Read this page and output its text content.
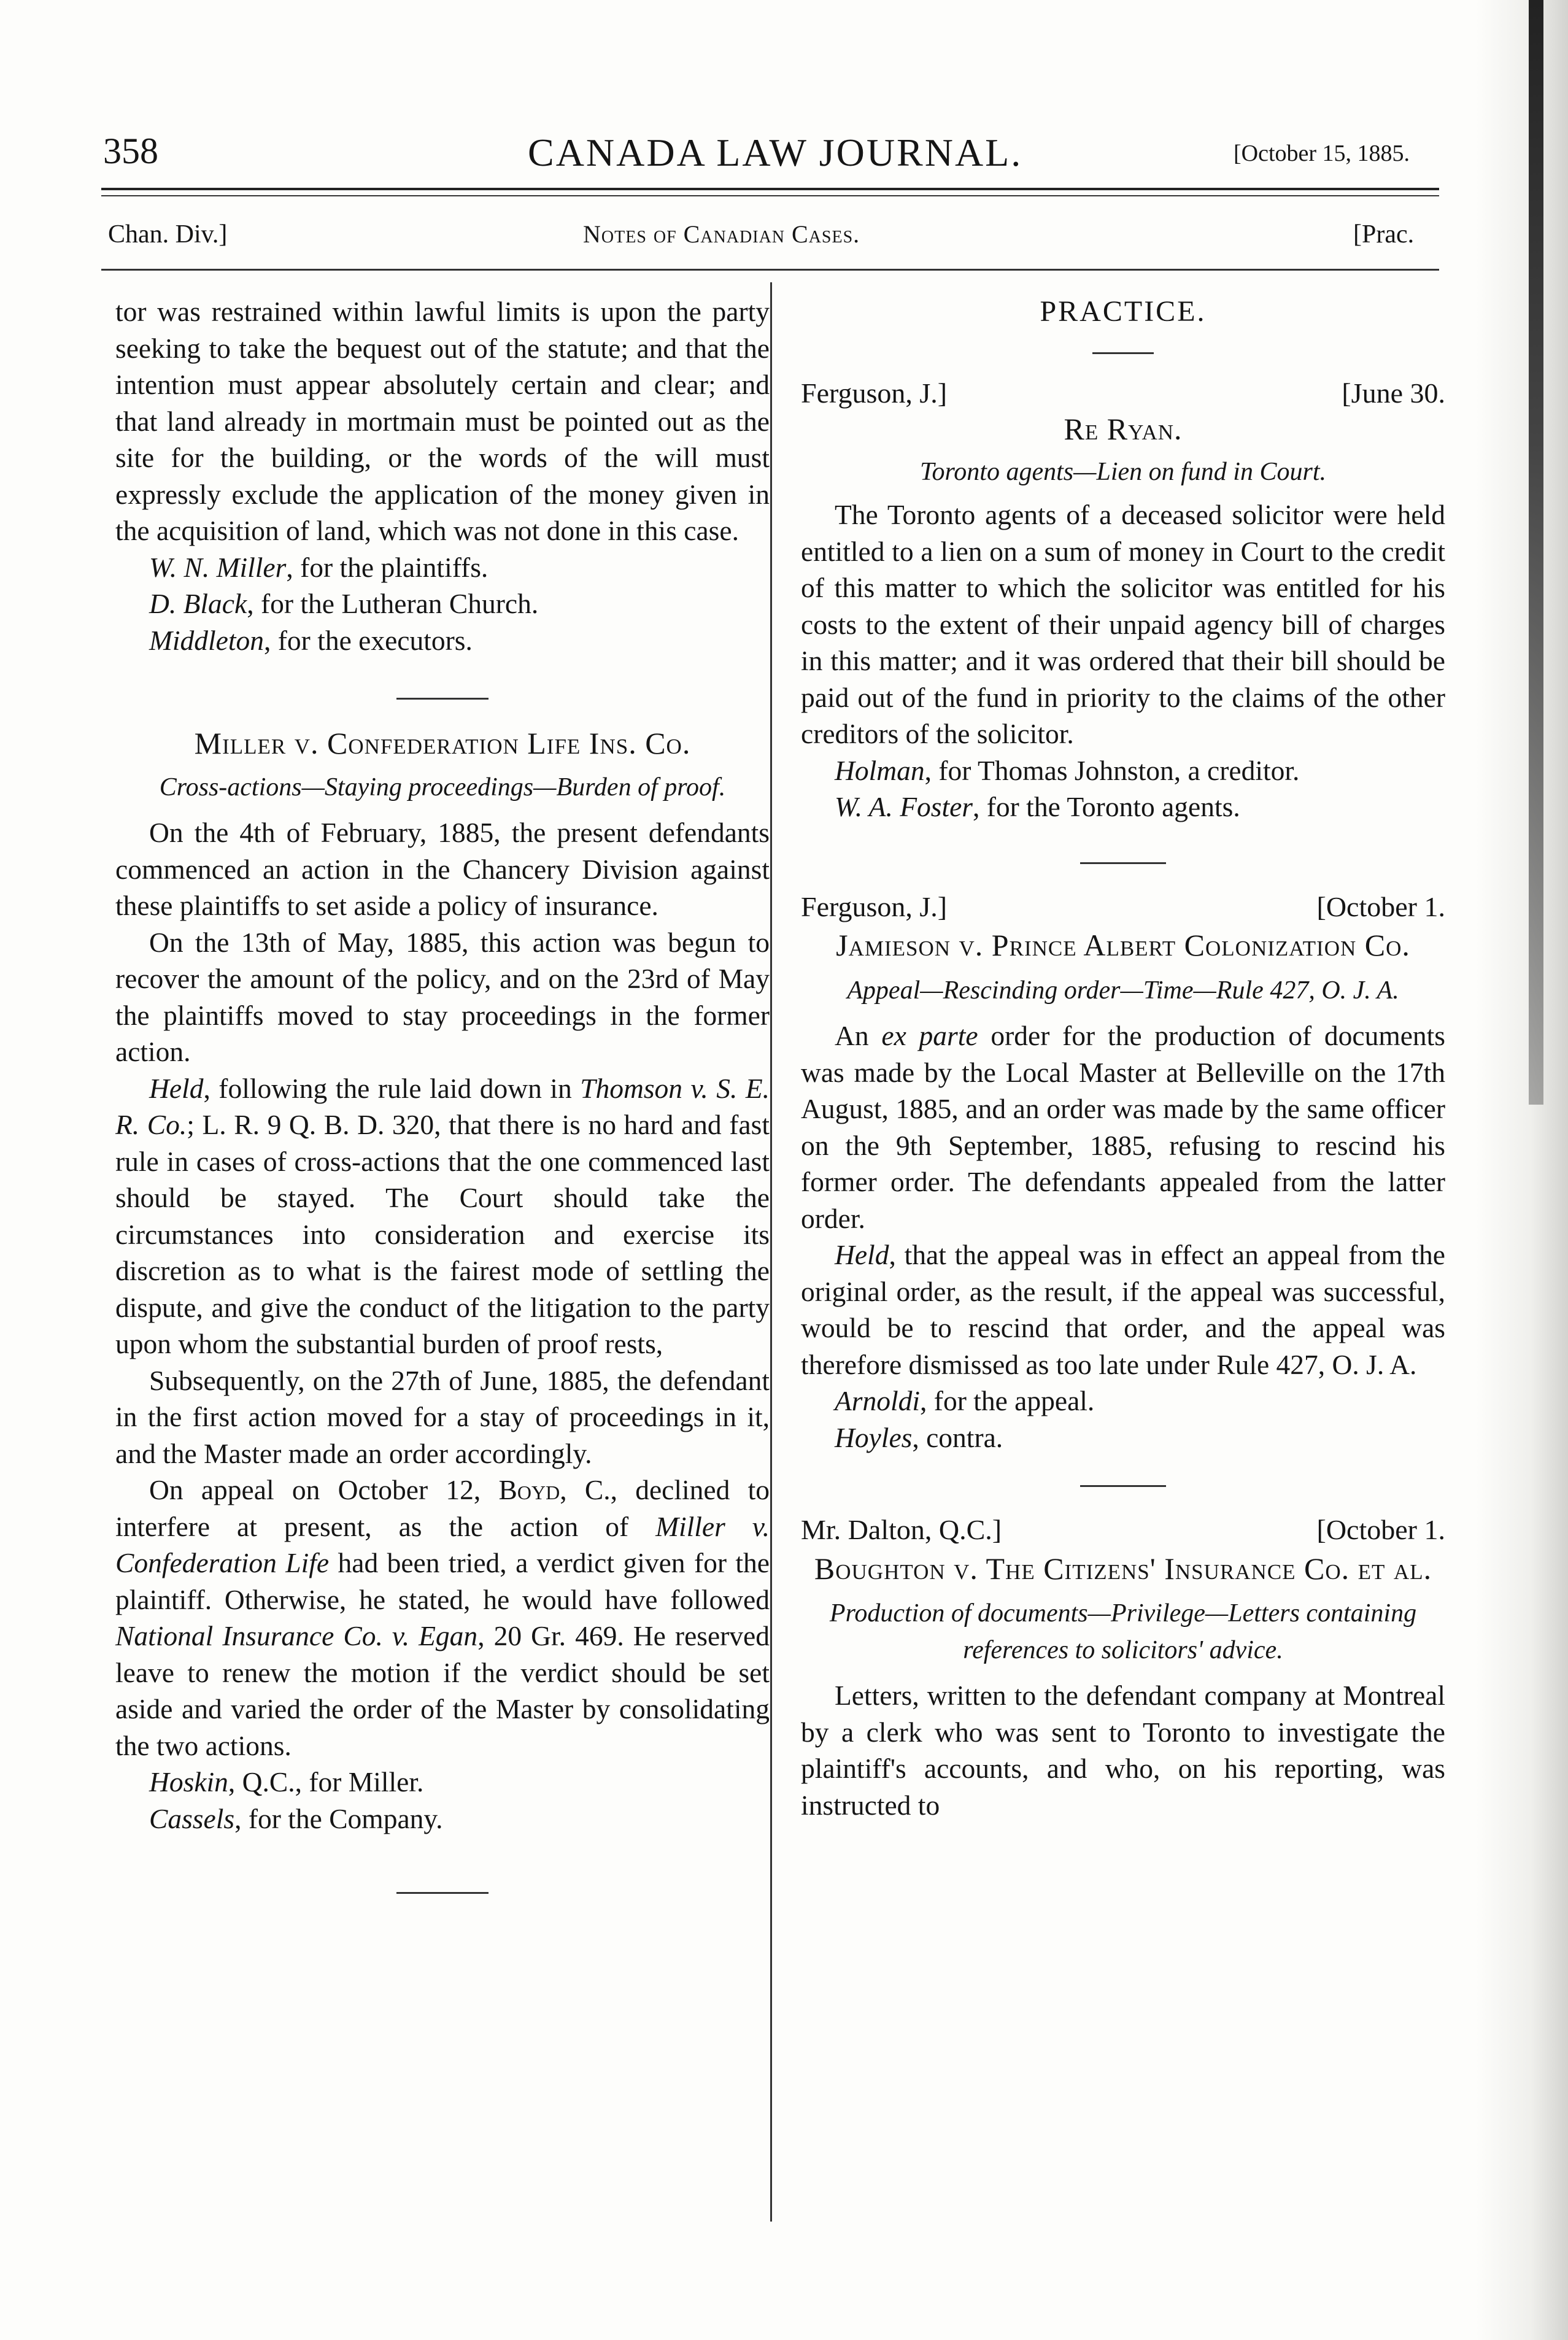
358	CANADA LAW JOURNAL.	[October 15, 1885.
Chan. Div.]	Notes of Canadian Cases.	[Prac.

tor was restrained within lawful limits is upon the party seeking to take the bequest out of the statute; and that the intention must appear absolutely certain and clear; and that land already in mortmain must be pointed out as the site for the building, or the words of the will must expressly exclude the application of the money given in the acquisition of land, which was not done in this case.

W. N. Miller, for the plaintiffs.

D. Black, for the Lutheran Church.

Middleton, for the executors.

Miller v. Confederation Life Ins. Co.

Cross-actions—Staying proceedings—Burden of proof.

On the 4th of February, 1885, the present defendants commenced an action in the Chancery Division against these plaintiffs to set aside a policy of insurance.

On the 13th of May, 1885, this action was begun to recover the amount of the policy, and on the 23rd of May the plaintiffs moved to stay proceedings in the former action.

Held, following the rule laid down in Thomson v. S. E. R. Co.; L. R. 9 Q. B. D. 320, that there is no hard and fast rule in cases of cross-actions that the one commenced last should be stayed. The Court should take the circumstances into consideration and exercise its discretion as to what is the fairest mode of settling the dispute, and give the conduct of the litigation to the party upon whom the substantial burden of proof rests,

Subsequently, on the 27th of June, 1885, the defendant in the first action moved for a stay of proceedings in it, and the Master made an order accordingly.

On appeal on October 12, Boyd, C., declined to interfere at present, as the action of Miller v. Confederation Life had been tried, a verdict given for the plaintiff. Otherwise, he stated, he would have followed National Insurance Co. v. Egan, 20 Gr. 469. He reserved leave to renew the motion if the verdict should be set aside and varied the order of the Master by consolidating the two actions.

Hoskin, Q.C., for Miller.

Cassels, for the Company.

PRACTICE.

Ferguson, J.]	[June 30.

Re Ryan.

Toronto agents—Lien on fund in Court.

The Toronto agents of a deceased solicitor were held entitled to a lien on a sum of money in Court to the credit of this matter to which the solicitor was entitled for his costs to the extent of their unpaid agency bill of charges in this matter; and it was ordered that their bill should be paid out of the fund in priority to the claims of the other creditors of the solicitor.

Holman, for Thomas Johnston, a creditor.

W. A. Foster, for the Toronto agents.

Ferguson, J.]	[October 1.

Jamieson v. Prince Albert Colonization Co.

Appeal—Rescinding order—Time—Rule 427, O. J. A.

An ex parte order for the production of documents was made by the Local Master at Belleville on the 17th August, 1885, and an order was made by the same officer on the 9th September, 1885, refusing to rescind his former order. The defendants appealed from the latter order.

Held, that the appeal was in effect an appeal from the original order, as the result, if the appeal was successful, would be to rescind that order, and the appeal was therefore dismissed as too late under Rule 427, O. J. A.

Arnoldi, for the appeal.

Hoyles, contra.

Mr. Dalton, Q.C.]	[October 1.

Boughton v. The Citizens' Insurance Co. et al.

Production of documents—Privilege—Letters containing references to solicitors' advice.

Letters, written to the defendant company at Montreal by a clerk who was sent to Toronto to investigate the plaintiff's accounts, and who, on his reporting, was instructed to
